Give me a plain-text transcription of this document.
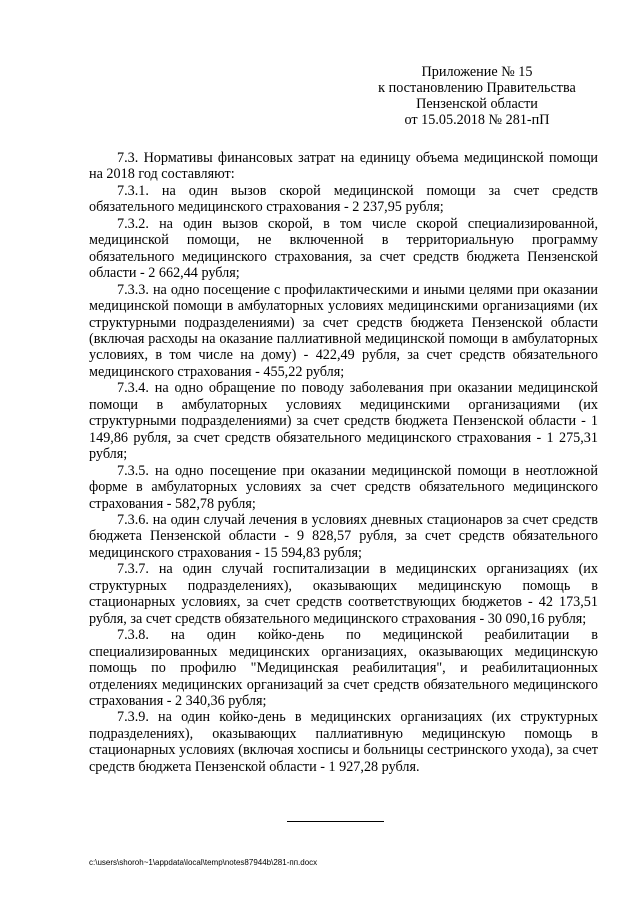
Приложение № 15
к постановлению Правительства
Пензенской области
от 15.05.2018 № 281-пП

7.3. Нормативы финансовых затрат на единицу объема медицинской помощи на 2018 год составляют:

7.3.1. на один вызов скорой медицинской помощи за счет средств обязательного медицинского страхования - 2 237,95 рубля;

7.3.2. на один вызов скорой, в том числе скорой специализированной, медицинской помощи, не включенной в территориальную программу обязательного медицинского страхования, за счет средств бюджета Пензенской области - 2 662,44 рубля;

7.3.3. на одно посещение с профилактическими и иными целями при оказании медицинской помощи в амбулаторных условиях медицинскими организациями (их структурными подразделениями) за счет средств бюджета Пензенской области (включая расходы на оказание паллиативной медицинской помощи в амбулаторных условиях, в том числе на дому) - 422,49 рубля, за счет средств обязательного медицинского страхования - 455,22 рубля;

7.3.4. на одно обращение по поводу заболевания при оказании медицинской помощи в амбулаторных условиях медицинскими организациями (их структурными подразделениями) за счет средств бюджета Пензенской области - 1 149,86 рубля, за счет средств обязательного медицинского страхования - 1 275,31 рубля;

7.3.5. на одно посещение при оказании медицинской помощи в неотложной форме в амбулаторных условиях за счет средств обязательного медицинского страхования - 582,78 рубля;

7.3.6. на один случай лечения в условиях дневных стационаров за счет средств бюджета Пензенской области - 9 828,57 рубля, за счет средств обязательного медицинского страхования - 15 594,83 рубля;

7.3.7. на один случай госпитализации в медицинских организациях (их структурных подразделениях), оказывающих медицинскую помощь в стационарных условиях, за счет средств соответствующих бюджетов - 42 173,51 рубля, за счет средств обязательного медицинского страхования - 30 090,16 рубля;

7.3.8. на один койко-день по медицинской реабилитации в специализированных медицинских организациях, оказывающих медицинскую помощь по профилю "Медицинская реабилитация", и реабилитационных отделениях медицинских организаций за счет средств обязательного медицинского страхования - 2 340,36 рубля;

7.3.9. на один койко-день в медицинских организациях (их структурных подразделениях), оказывающих паллиативную медицинскую помощь в стационарных условиях (включая хосписы и больницы сестринского ухода), за счет средств бюджета Пензенской области - 1 927,28 рубля.

c:\users\shoroh~1\appdata\local\temp\notes87944b\281-пп.docx
